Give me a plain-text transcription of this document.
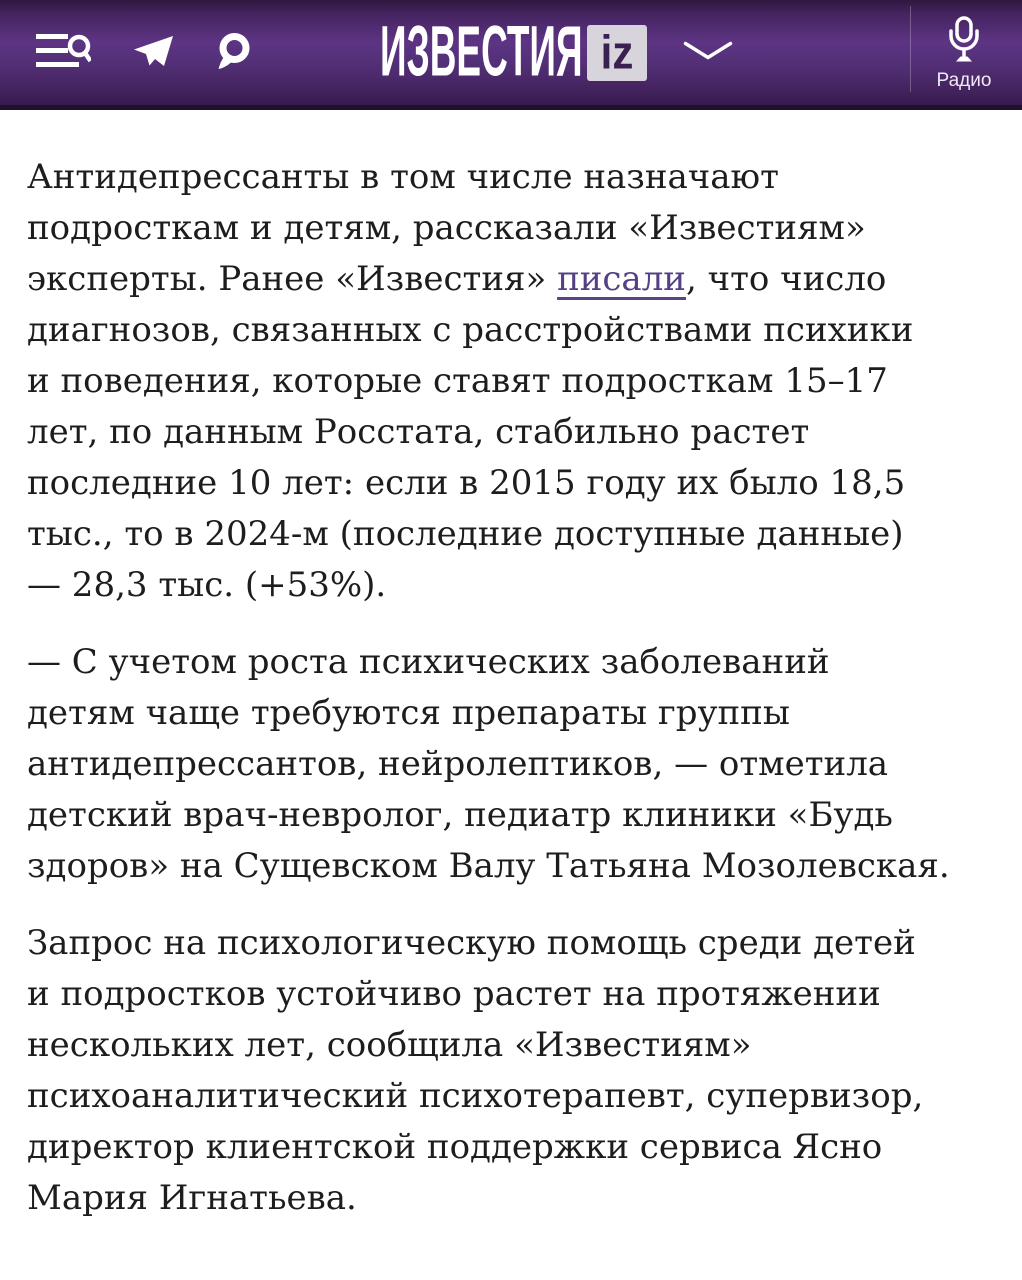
ИЗВЕСТИЯ iz
Радио
Антидепрессанты в том числе назначают
подросткам и детям, рассказали «Известиям»
эксперты. Ранее «Известия» писали, что число
диагнозов, связанных с расстройствами психики
и поведения, которые ставят подросткам 15–17
лет, по данным Росстата, стабильно растет
последние 10 лет: если в 2015 году их было 18,5
тыс., то в 2024-м (последние доступные данные)
— 28,3 тыс. (+53%).
— С учетом роста психических заболеваний
детям чаще требуются препараты группы
антидепрессантов, нейролептиков, — отметила
детский врач-невролог, педиатр клиники «Будь
здоров» на Сущевском Валу Татьяна Мозолевская.
Запрос на психологическую помощь среди детей
и подростков устойчиво растет на протяжении
нескольких лет, сообщила «Известиям»
психоаналитический психотерапевт, супервизор,
директор клиентской поддержки сервиса Ясно
Мария Игнатьева.
